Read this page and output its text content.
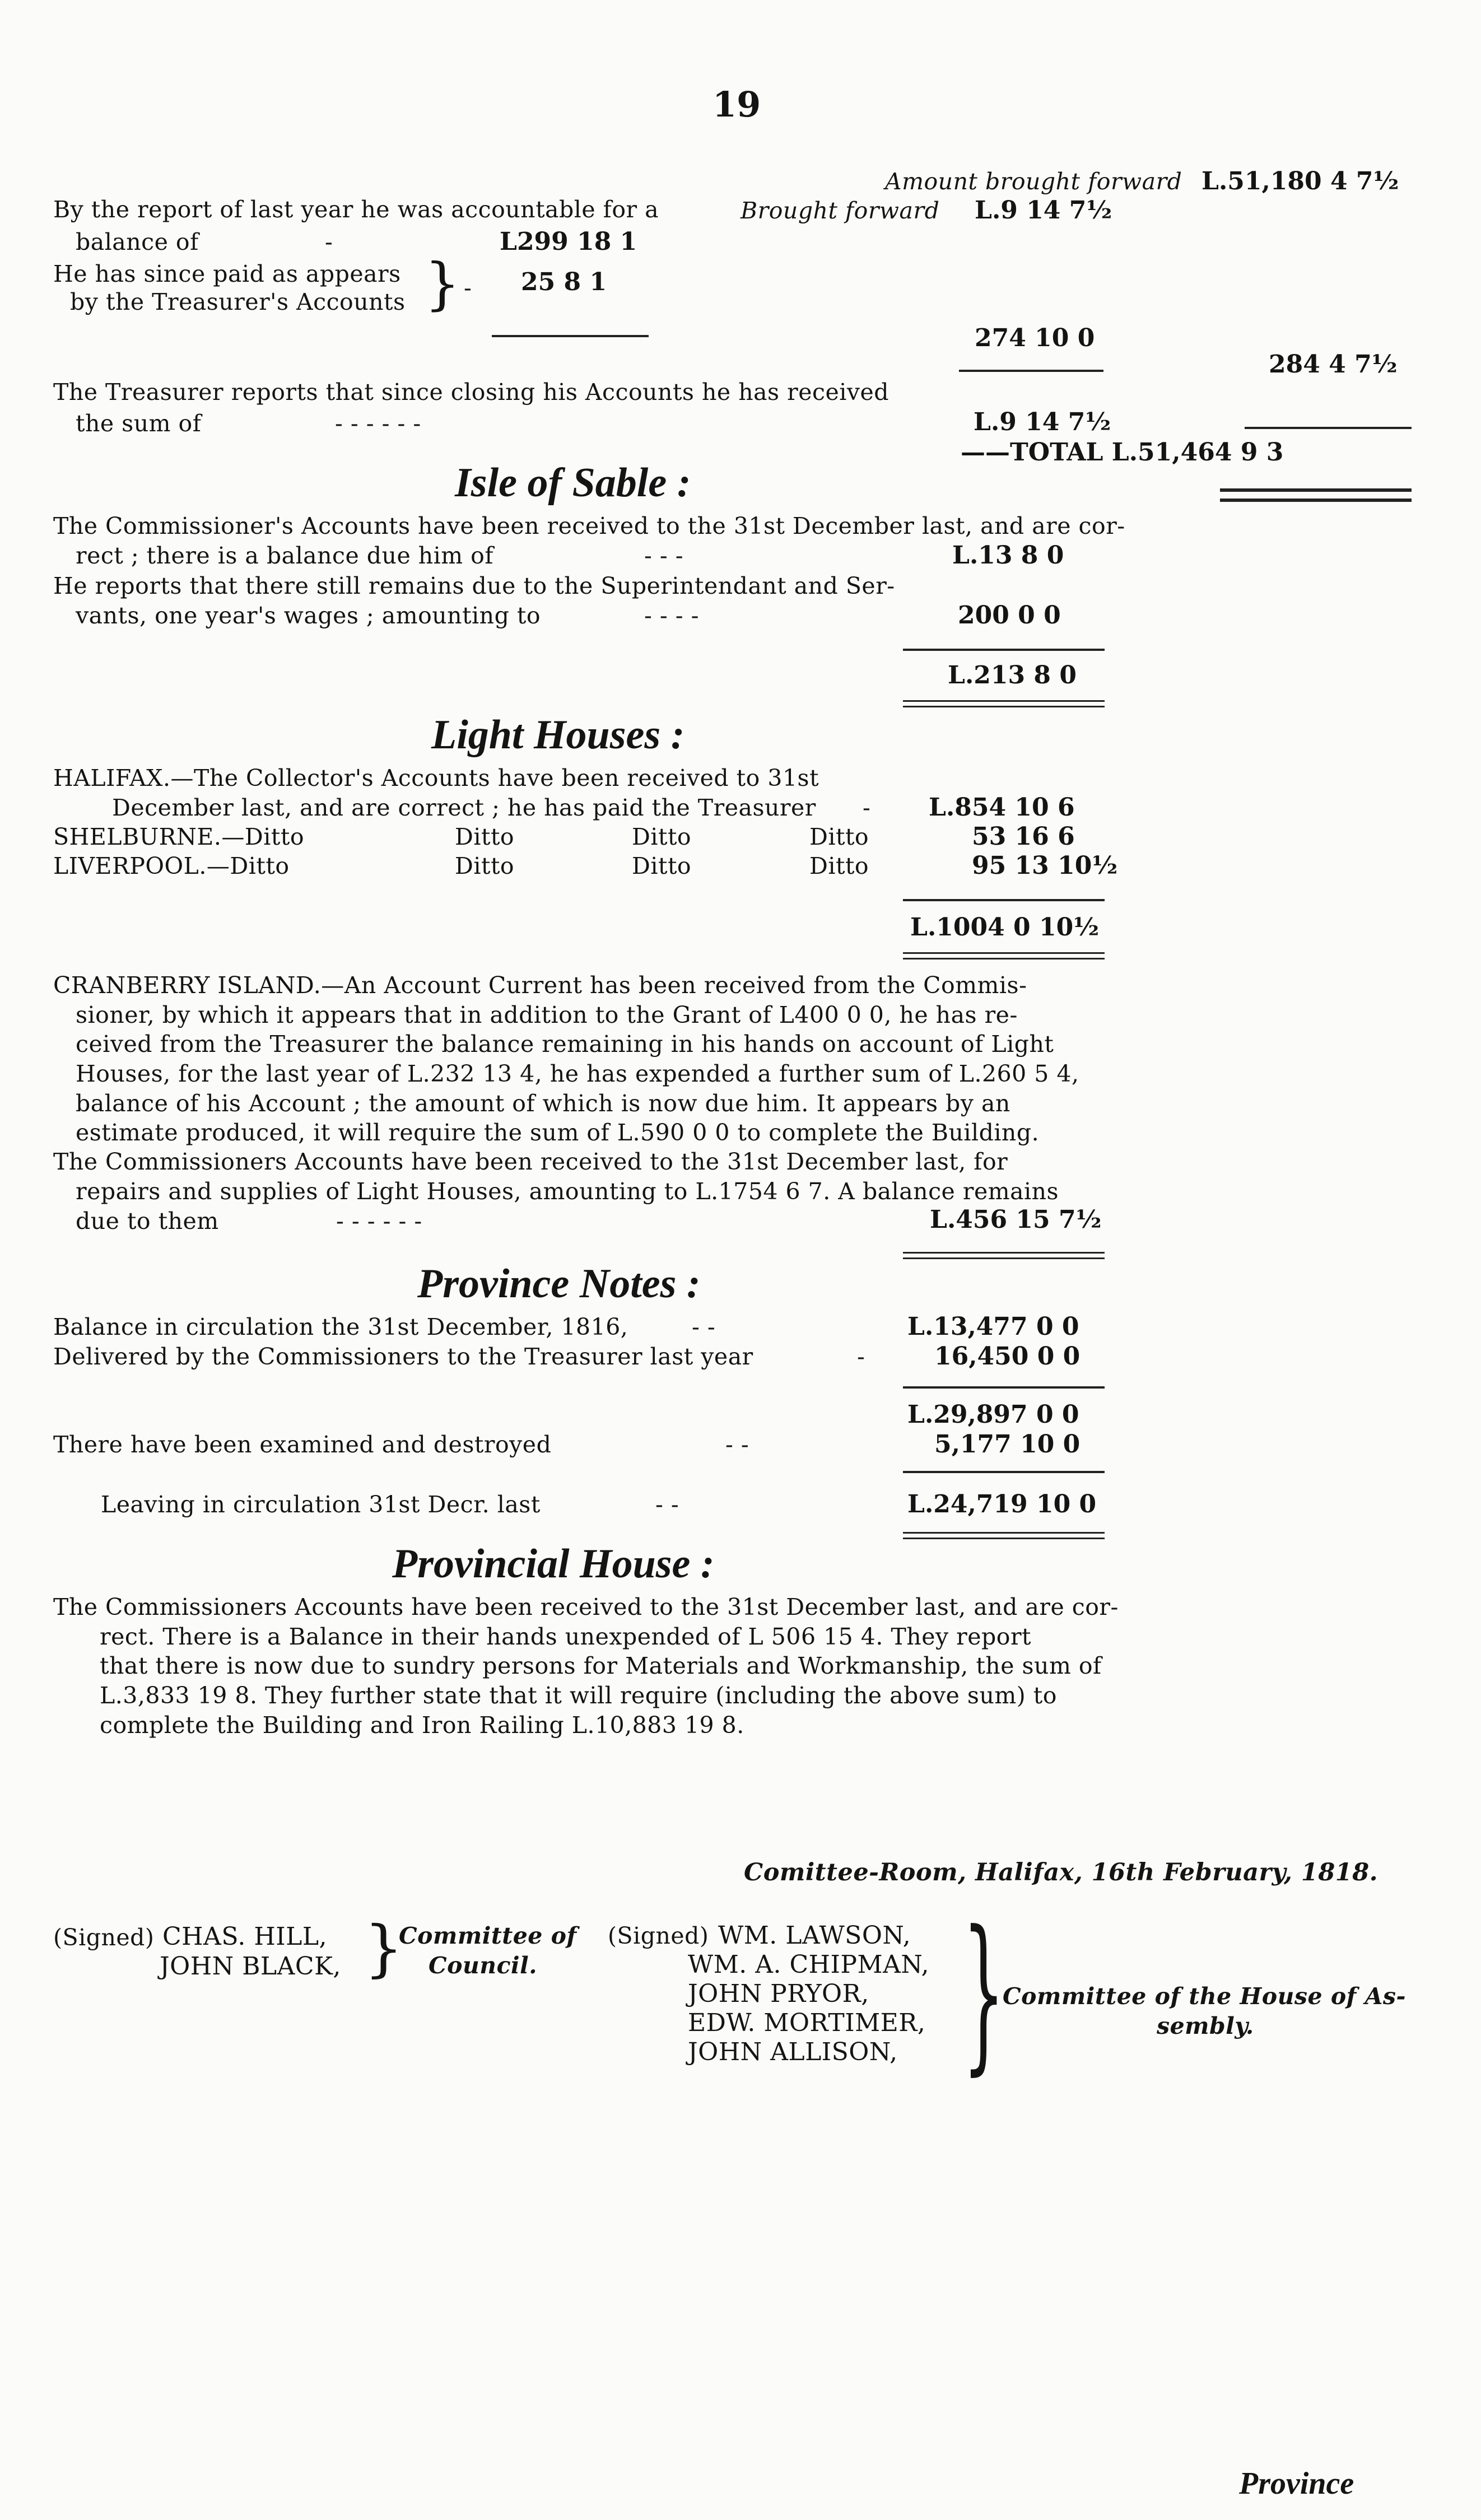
19
Amount brought forward L.51,180 4 7½
Brought forward L.9 14 7½
By the report of last year he was accountable for a
balance of	-	L299 18 1
He has since paid as appears
by the Treasurer's Accounts } - 25 8 1
274 10 0
284 4 7½
The Treasurer reports that since closing his Accounts he has received
the sum of	- - - - - -	L.9 14 7½
——TOTAL L.51,464 9 3
Isle of Sable :
The Commissioner's Accounts have been received to the 31st December last, and are cor-
rect ; there is a balance due him of	- - -	L.13 8 0
He reports that there still remains due to the Superintendant and Ser-
vants, one year's wages ; amounting to	- - - -	200 0 0
L.213 8 0
Light Houses :
HALIFAX.—The Collector's Accounts have been received to 31st
December last, and are correct ; he has paid the Treasurer - L.854 10 6
SHELBURNE.—Ditto	Ditto	Ditto	Ditto	53 16 6
LIVERPOOL.—Ditto	Ditto	Ditto	Ditto	95 13 10½
L.1004 0 10½
CRANBERRY ISLAND.—An Account Current has been received from the Commis-
sioner, by which it appears that in addition to the Grant of L400 0 0, he has re-
ceived from the Treasurer the balance remaining in his hands on account of Light
Houses, for the last year of L.232 13 4, he has expended a further sum of L.260 5 4,
balance of his Account ; the amount of which is now due him. It appears by an
estimate produced, it will require the sum of L.590 0 0 to complete the Building.
The Commissioners Accounts have been received to the 31st December last, for
repairs and supplies of Light Houses, amounting to L.1754 6 7. A balance remains
due to them	- - - - - -	L.456 15 7½
Province Notes :
Balance in circulation the 31st December, 1816,	- -	L.13,477 0 0
Delivered by the Commissioners to the Treasurer last year	-	16,450 0 0
L.29,897 0 0
There have been examined and destroyed	- -	5,177 10 0
Leaving in circulation 31st Decr. last	- -	L.24,719 10 0
Provincial House :
The Commissioners Accounts have been received to the 31st December last, and are cor-
rect. There is a Balance in their hands unexpended of L 506 15 4. They report
that there is now due to sundry persons for Materials and Workmanship, the sum of
L.3,833 19 8. They further state that it will require (including the above sum) to
complete the Building and Iron Railing L.10,883 19 8.
Comittee-Room, Halifax, 16th February, 1818.
(Signed) CHAS. HILL,
JOHN BLACK, }
Committee of
Council.
(Signed) WM. LAWSON,
WM. A. CHIPMAN,
JOHN PRYOR,
EDW. MORTIMER,
JOHN ALLISON, }
Committee of the House of As-
sembly.
Province
